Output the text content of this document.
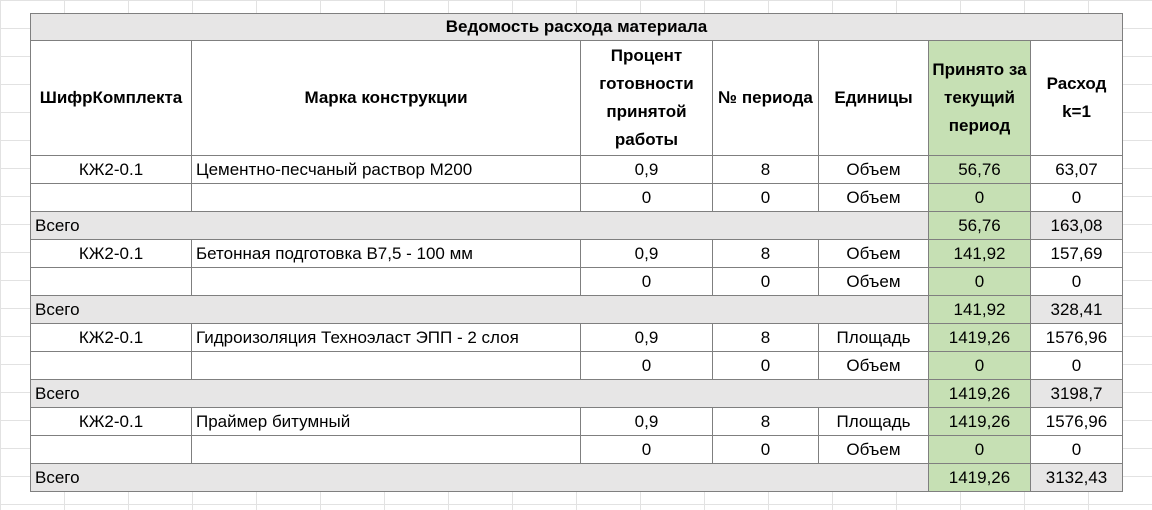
Ведомость расхода материала						
ШифрКомплекта	Марка конструкции	Процент готовности принятой работы	№ периода	Единицы	Принято за текущий период	Расход k=1
КЖ2-0.1	Цементно-песчаный раствор М200	0,9	8	Объем	56,76	63,07
		0	0	Объем	0	0
Всего					56,76	163,08
КЖ2-0.1	Бетонная подготовка В7,5 - 100 мм	0,9	8	Объем	141,92	157,69
		0	0	Объем	0	0
Всего					141,92	328,41
КЖ2-0.1	Гидроизоляция Техноэласт ЭПП - 2 слоя	0,9	8	Площадь	1419,26	1576,96
		0	0	Объем	0	0
Всего					1419,26	3198,7
КЖ2-0.1	Праймер битумный	0,9	8	Площадь	1419,26	1576,96
		0	0	Объем	0	0
Всего					1419,26	3132,43
